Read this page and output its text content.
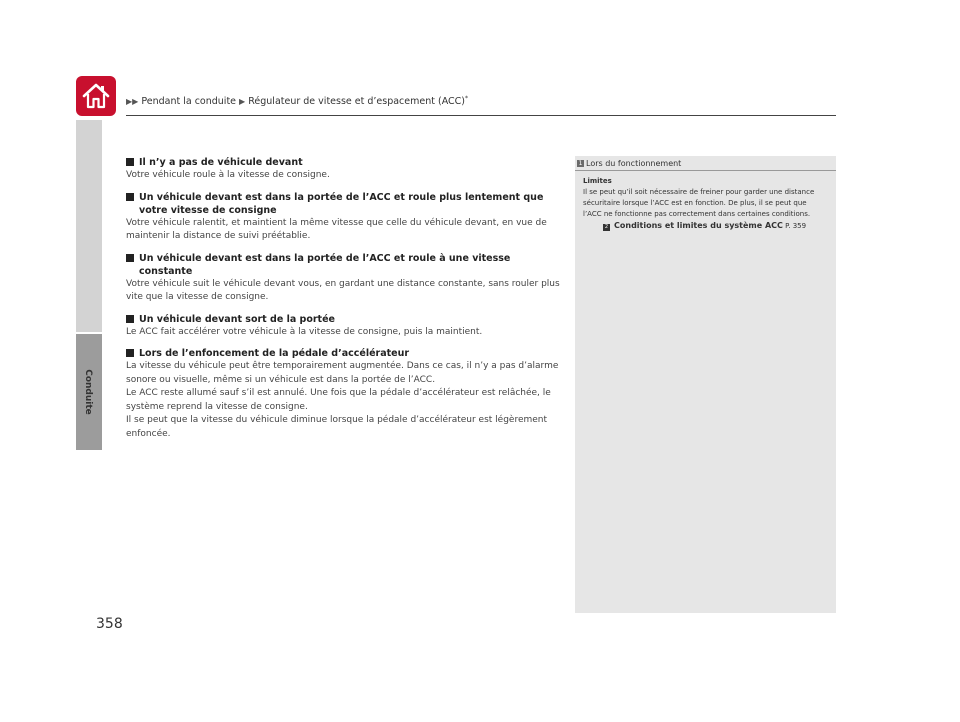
▶▶ Pendant la conduite ▶ Régulateur de vitesse et d’espacement (ACC)*
Conduite
Il n’y a pas de véhicule devant
Votre véhicule roule à la vitesse de consigne.
Un véhicule devant est dans la portée de l’ACC et roule plus lentement que votre vitesse de consigne
Votre véhicule ralentit, et maintient la même vitesse que celle du véhicule devant, en vue de maintenir la distance de suivi préétablie.
Un véhicule devant est dans la portée de l’ACC et roule à une vitesse constante
Votre véhicule suit le véhicule devant vous, en gardant une distance constante, sans rouler plus vite que la vitesse de consigne.
Un véhicule devant sort de la portée
Le ACC fait accélérer votre véhicule à la vitesse de consigne, puis la maintient.
Lors de l’enfoncement de la pédale d’accélérateur
La vitesse du véhicule peut être temporairement augmentée. Dans ce cas, il n’y a pas d’alarme sonore ou visuelle, même si un véhicule est dans la portée de l’ACC.
Le ACC reste allumé sauf s’il est annulé. Une fois que la pédale d’accélérateur est relâchée, le système reprend la vitesse de consigne.
Il se peut que la vitesse du véhicule diminue lorsque la pédale d’accélérateur est légèrement enfoncée.
1 Lors du fonctionnement
Limites
Il se peut qu’il soit nécessaire de freiner pour garder une distance sécuritaire lorsque l’ACC est en fonction. De plus, il se peut que l’ACC ne fonctionne pas correctement dans certaines conditions.
2 Conditions et limites du système ACC P. 359
358
